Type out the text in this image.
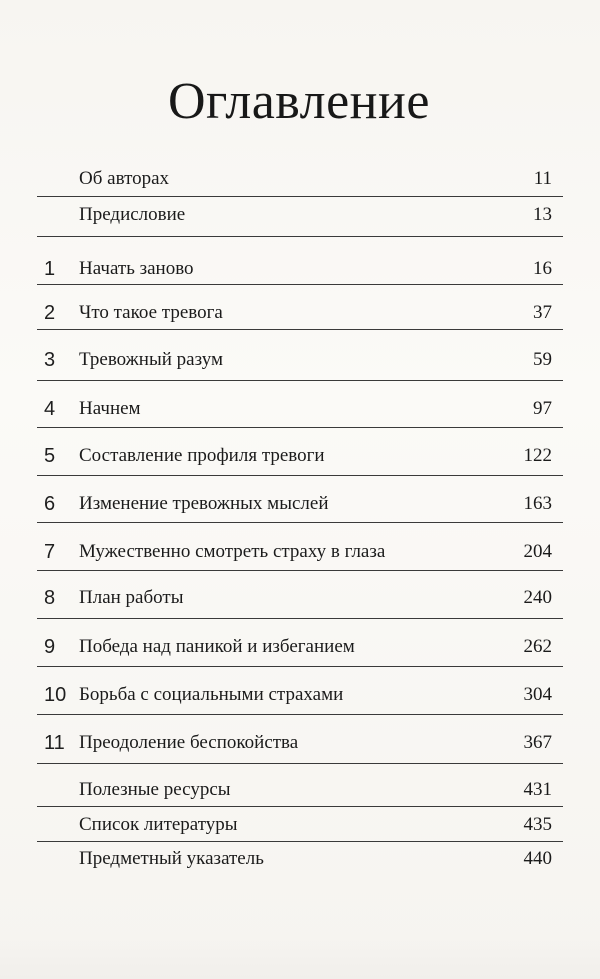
Оглавление
Об авторах	11
Предисловие	13
1	Начать заново	16
2	Что такое тревога	37
3	Тревожный разум	59
4	Начнем	97
5	Составление профиля тревоги	122
6	Изменение тревожных мыслей	163
7	Мужественно смотреть страху в глаза	204
8	План работы	240
9	Победа над паникой и избеганием	262
10 Борьба с социальными страхами	304
11 Преодоление беспокойства	367
Полезные ресурсы	431
Список литературы	435
Предметный указатель	440
